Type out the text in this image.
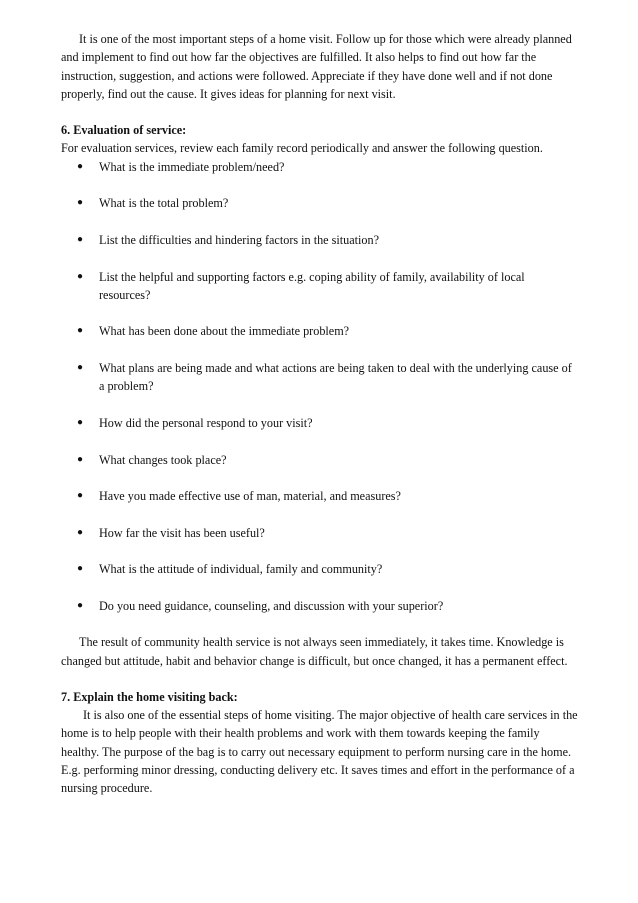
It is one of the most important steps of a home visit. Follow up for those which were already planned and implement to find out how far the objectives are fulfilled. It also helps to find out how far the instruction, suggestion, and actions were followed. Appreciate if they have done well and if not done properly, find out the cause. It gives ideas for planning for next visit.

6. Evaluation of service:

For evaluation services, review each family record periodically and answer the following question.

● What is the immediate problem/need?
● What is the total problem?
● List the difficulties and hindering factors in the situation?
● List the helpful and supporting factors e.g. coping ability of family, availability of local resources?
● What has been done about the immediate problem?
● What plans are being made and what actions are being taken to deal with the underlying cause of a problem?
● How did the personal respond to your visit?
● What changes took place?
● Have you made effective use of man, material, and measures?
● How far the visit has been useful?
● What is the attitude of individual, family and community?
● Do you need guidance, counseling, and discussion with your superior?

The result of community health service is not always seen immediately, it takes time. Knowledge is changed but attitude, habit and behavior change is difficult, but once changed, it has a permanent effect.

7. Explain the home visiting back:

It is also one of the essential steps of home visiting. The major objective of health care services in the home is to help people with their health problems and work with them towards keeping the family healthy. The purpose of the bag is to carry out necessary equipment to perform nursing care in the home. E.g. performing minor dressing, conducting delivery etc. It saves times and effort in the performance of a nursing procedure.
